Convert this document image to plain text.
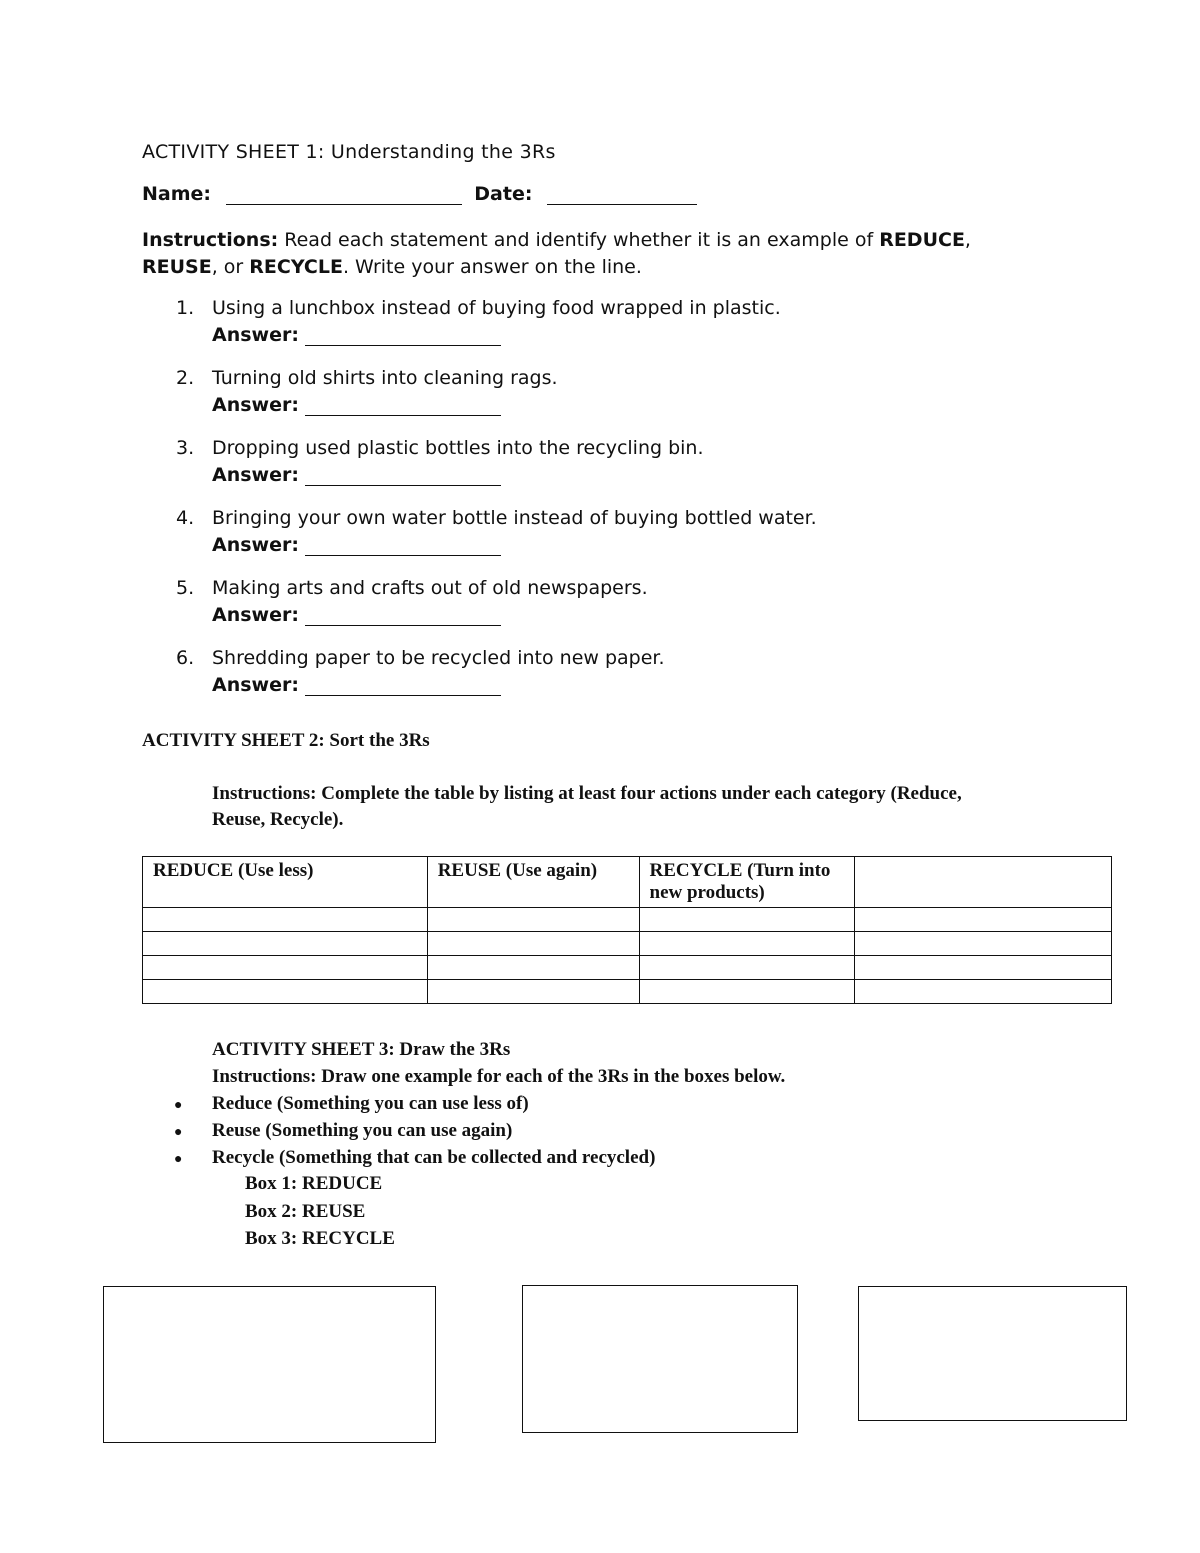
ACTIVITY SHEET 1: Understanding the 3Rs
Name:	Date:
Instructions: Read each statement and identify whether it is an example of REDUCE, REUSE, or RECYCLE. Write your answer on the line.
1. Using a lunchbox instead of buying food wrapped in plastic.
Answer:
2. Turning old shirts into cleaning rags.
Answer:
3. Dropping used plastic bottles into the recycling bin.
Answer:
4. Bringing your own water bottle instead of buying bottled water.
Answer:
5. Making arts and crafts out of old newspapers.
Answer:
6. Shredding paper to be recycled into new paper.
Answer:
ACTIVITY SHEET 2: Sort the 3Rs
Instructions: Complete the table by listing at least four actions under each category (Reduce, Reuse, Recycle).
REDUCE (Use less)	REUSE (Use again)	RECYCLE (Turn into new products)	

ACTIVITY SHEET 3: Draw the 3Rs
Instructions: Draw one example for each of the 3Rs in the boxes below.
● Reduce (Something you can use less of)
● Reuse (Something you can use again)
● Recycle (Something that can be collected and recycled)
Box 1: REDUCE
Box 2: REUSE
Box 3: RECYCLE
